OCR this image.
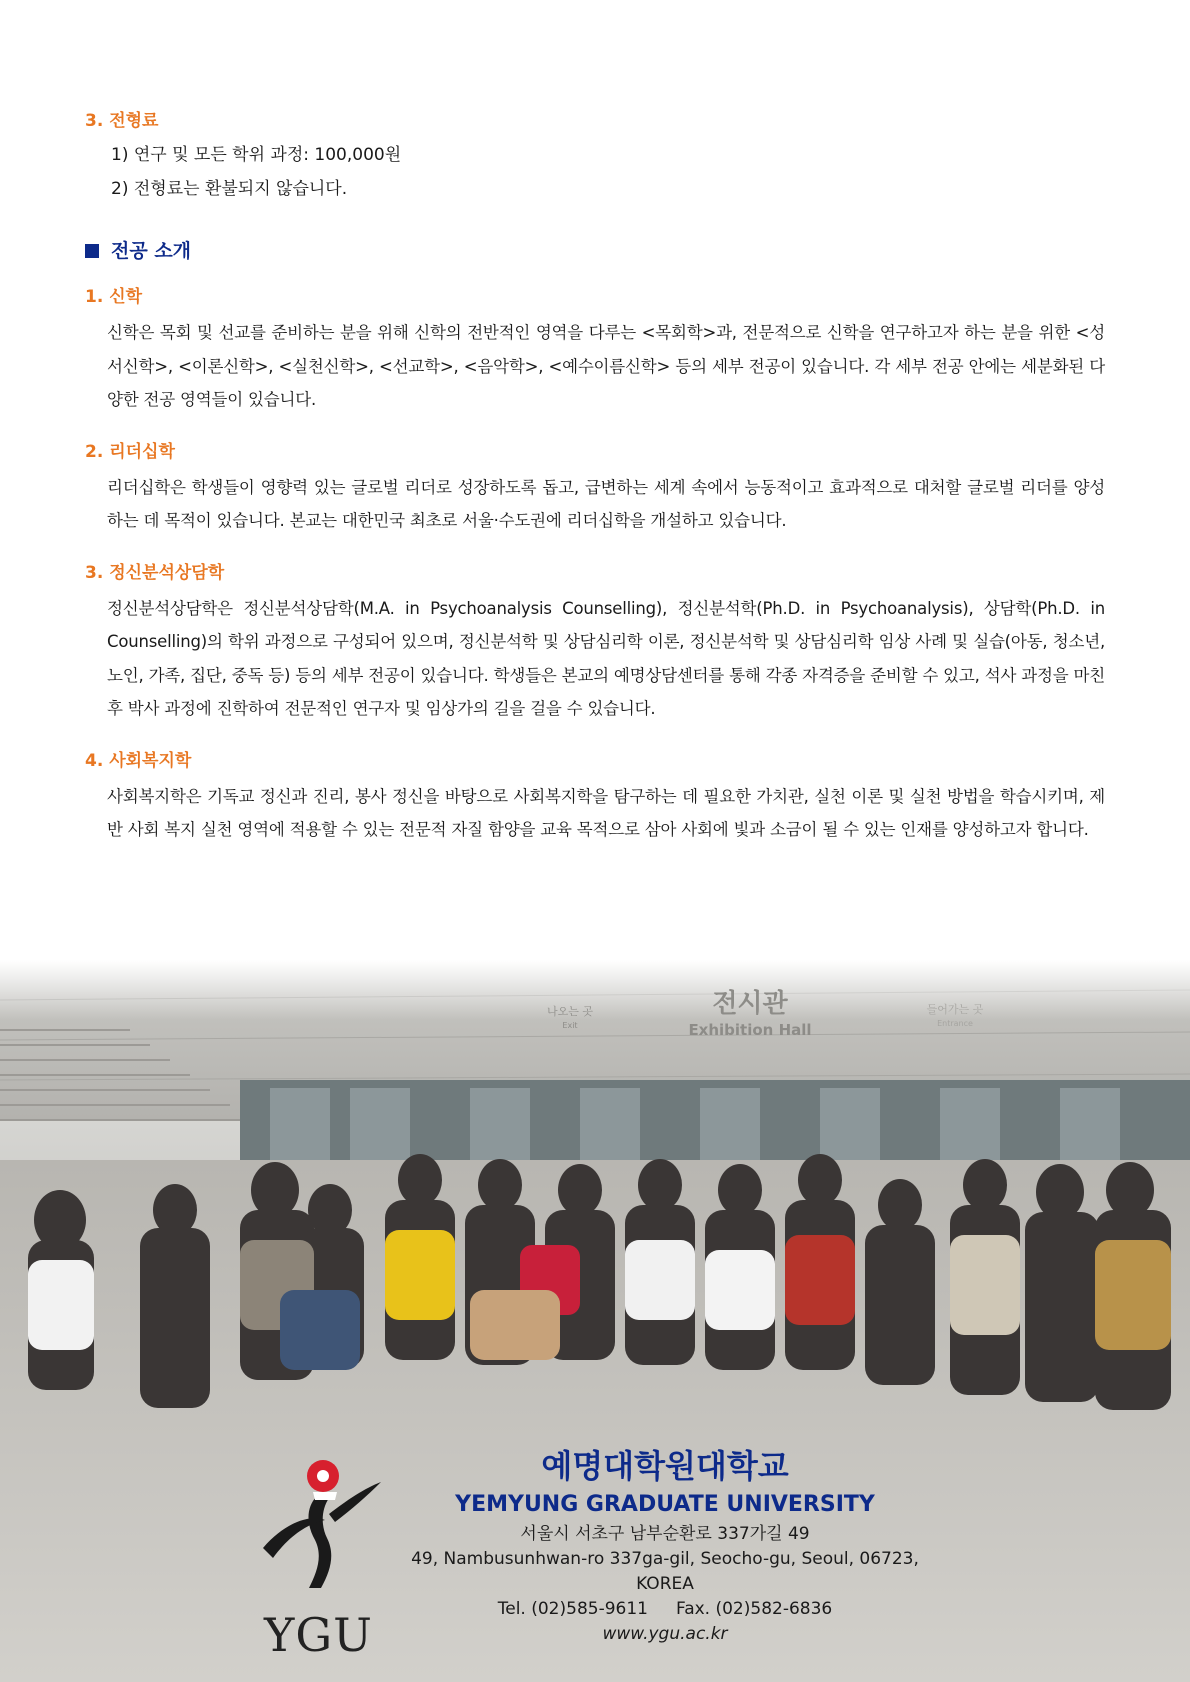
3. 전형료
1) 연구 및 모든 학위 과정: 100,000원
2) 전형료는 환불되지 않습니다.
전공 소개
1. 신학
신학은 목회 및 선교를 준비하는 분을 위해 신학의 전반적인 영역을 다루는 <목회학>과, 전문적으로 신학을 연구하고자 하는 분을 위한 <성서신학>, <이론신학>, <실천신학>, <선교학>, <음악학>, <예수이름신학> 등의 세부 전공이 있습니다. 각 세부 전공 안에는 세분화된 다양한 전공 영역들이 있습니다.
2. 리더십학
리더십학은 학생들이 영향력 있는 글로벌 리더로 성장하도록 돕고, 급변하는 세계 속에서 능동적이고 효과적으로 대처할 글로벌 리더를 양성하는 데 목적이 있습니다. 본교는 대한민국 최초로 서울·수도권에 리더십학을 개설하고 있습니다.
3. 정신분석상담학
정신분석상담학은 정신분석상담학(M.A. in Psychoanalysis Counselling), 정신분석학(Ph.D. in Psychoanalysis), 상담학(Ph.D. in Counselling)의 학위 과정으로 구성되어 있으며, 정신분석학 및 상담심리학 이론, 정신분석학 및 상담심리학 임상 사례 및 실습(아동, 청소년, 노인, 가족, 집단, 중독 등) 등의 세부 전공이 있습니다. 학생들은 본교의 예명상담센터를 통해 각종 자격증을 준비할 수 있고, 석사 과정을 마친 후 박사 과정에 진학하여 전문적인 연구자 및 임상가의 길을 걸을 수 있습니다.
4. 사회복지학
사회복지학은 기독교 정신과 진리, 봉사 정신을 바탕으로 사회복지학을 탐구하는 데 필요한 가치관, 실천 이론 및 실천 방법을 학습시키며, 제반 사회 복지 실천 영역에 적용할 수 있는 전문적 자질 함양을 교육 목적으로 삼아 사회에 빛과 소금이 될 수 있는 인재를 양성하고자 합니다.
전시관
Exhibition Hall
나오는 곳
Exit
들어가는 곳
Entrance
YGU
예명대학원대학교
YEMYUNG GRADUATE UNIVERSITY
서울시 서초구 남부순환로 337가길 49
49, Nambusunhwan-ro 337ga-gil, Seocho-gu, Seoul, 06723, KOREA
Tel. (02)585-9611 Fax. (02)582-6836
www.ygu.ac.kr
